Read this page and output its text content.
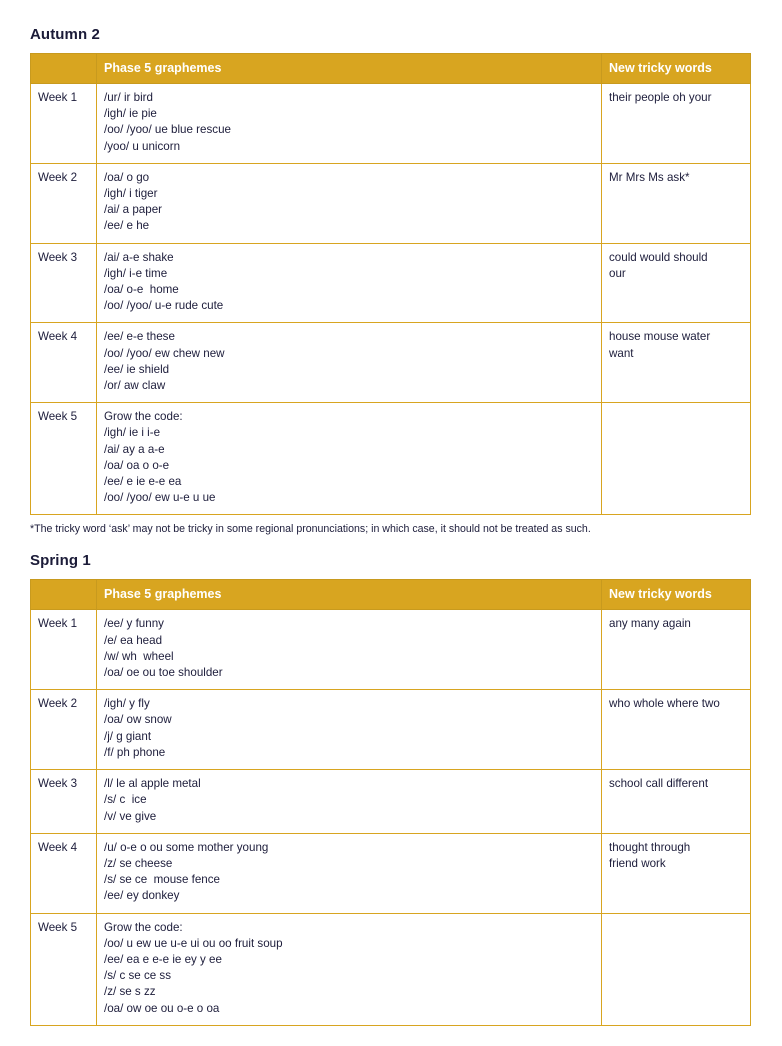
Autumn 2
	Phase 5 graphemes	New tricky words
Week 1	/ur/ ir bird
/igh/ ie pie
/oo/ /yoo/ ue blue rescue
/yoo/ u unicorn	their people oh your

Week 2	/oa/ o go
/igh/ i tiger
/ai/ a paper
/ee/ e he	Mr Mrs Ms ask*

Week 3	/ai/ a-e shake
/igh/ i-e time
/oa/ o-e  home
/oo/ /yoo/ u-e rude cute	could would should
our

Week 4	/ee/ e-e these
/oo/ /yoo/ ew chew new
/ee/ ie shield
/or/ aw claw	house mouse water
want

Week 5	Grow the code:
/igh/ ie i i-e
/ai/ ay a a-e
/oa/ oa o o-e
/ee/ e ie e-e ea
/oo/ /yoo/ ew u-e u ue

*The tricky word ‘ask’ may not be tricky in some regional pronunciations; in which case, it should not be treated as such.

Spring 1
	Phase 5 graphemes	New tricky words
Week 1	/ee/ y funny
/e/ ea head
/w/ wh  wheel
/oa/ oe ou toe shoulder	any many again

Week 2	/igh/ y fly
/oa/ ow snow
/j/ g giant
/f/ ph phone	who whole where two

Week 3	/l/ le al apple metal
/s/ c  ice
/v/ ve give	school call different

Week 4	/u/ o-e o ou some mother young
/z/ se cheese
/s/ se ce  mouse fence
/ee/ ey donkey	thought through
friend work

Week 5	Grow the code:
/oo/ u ew ue u-e ui ou oo fruit soup
/ee/ ea e e-e ie ey y ee
/s/ c se ce ss
/z/ se s zz
/oa/ ow oe ou o-e o oa
